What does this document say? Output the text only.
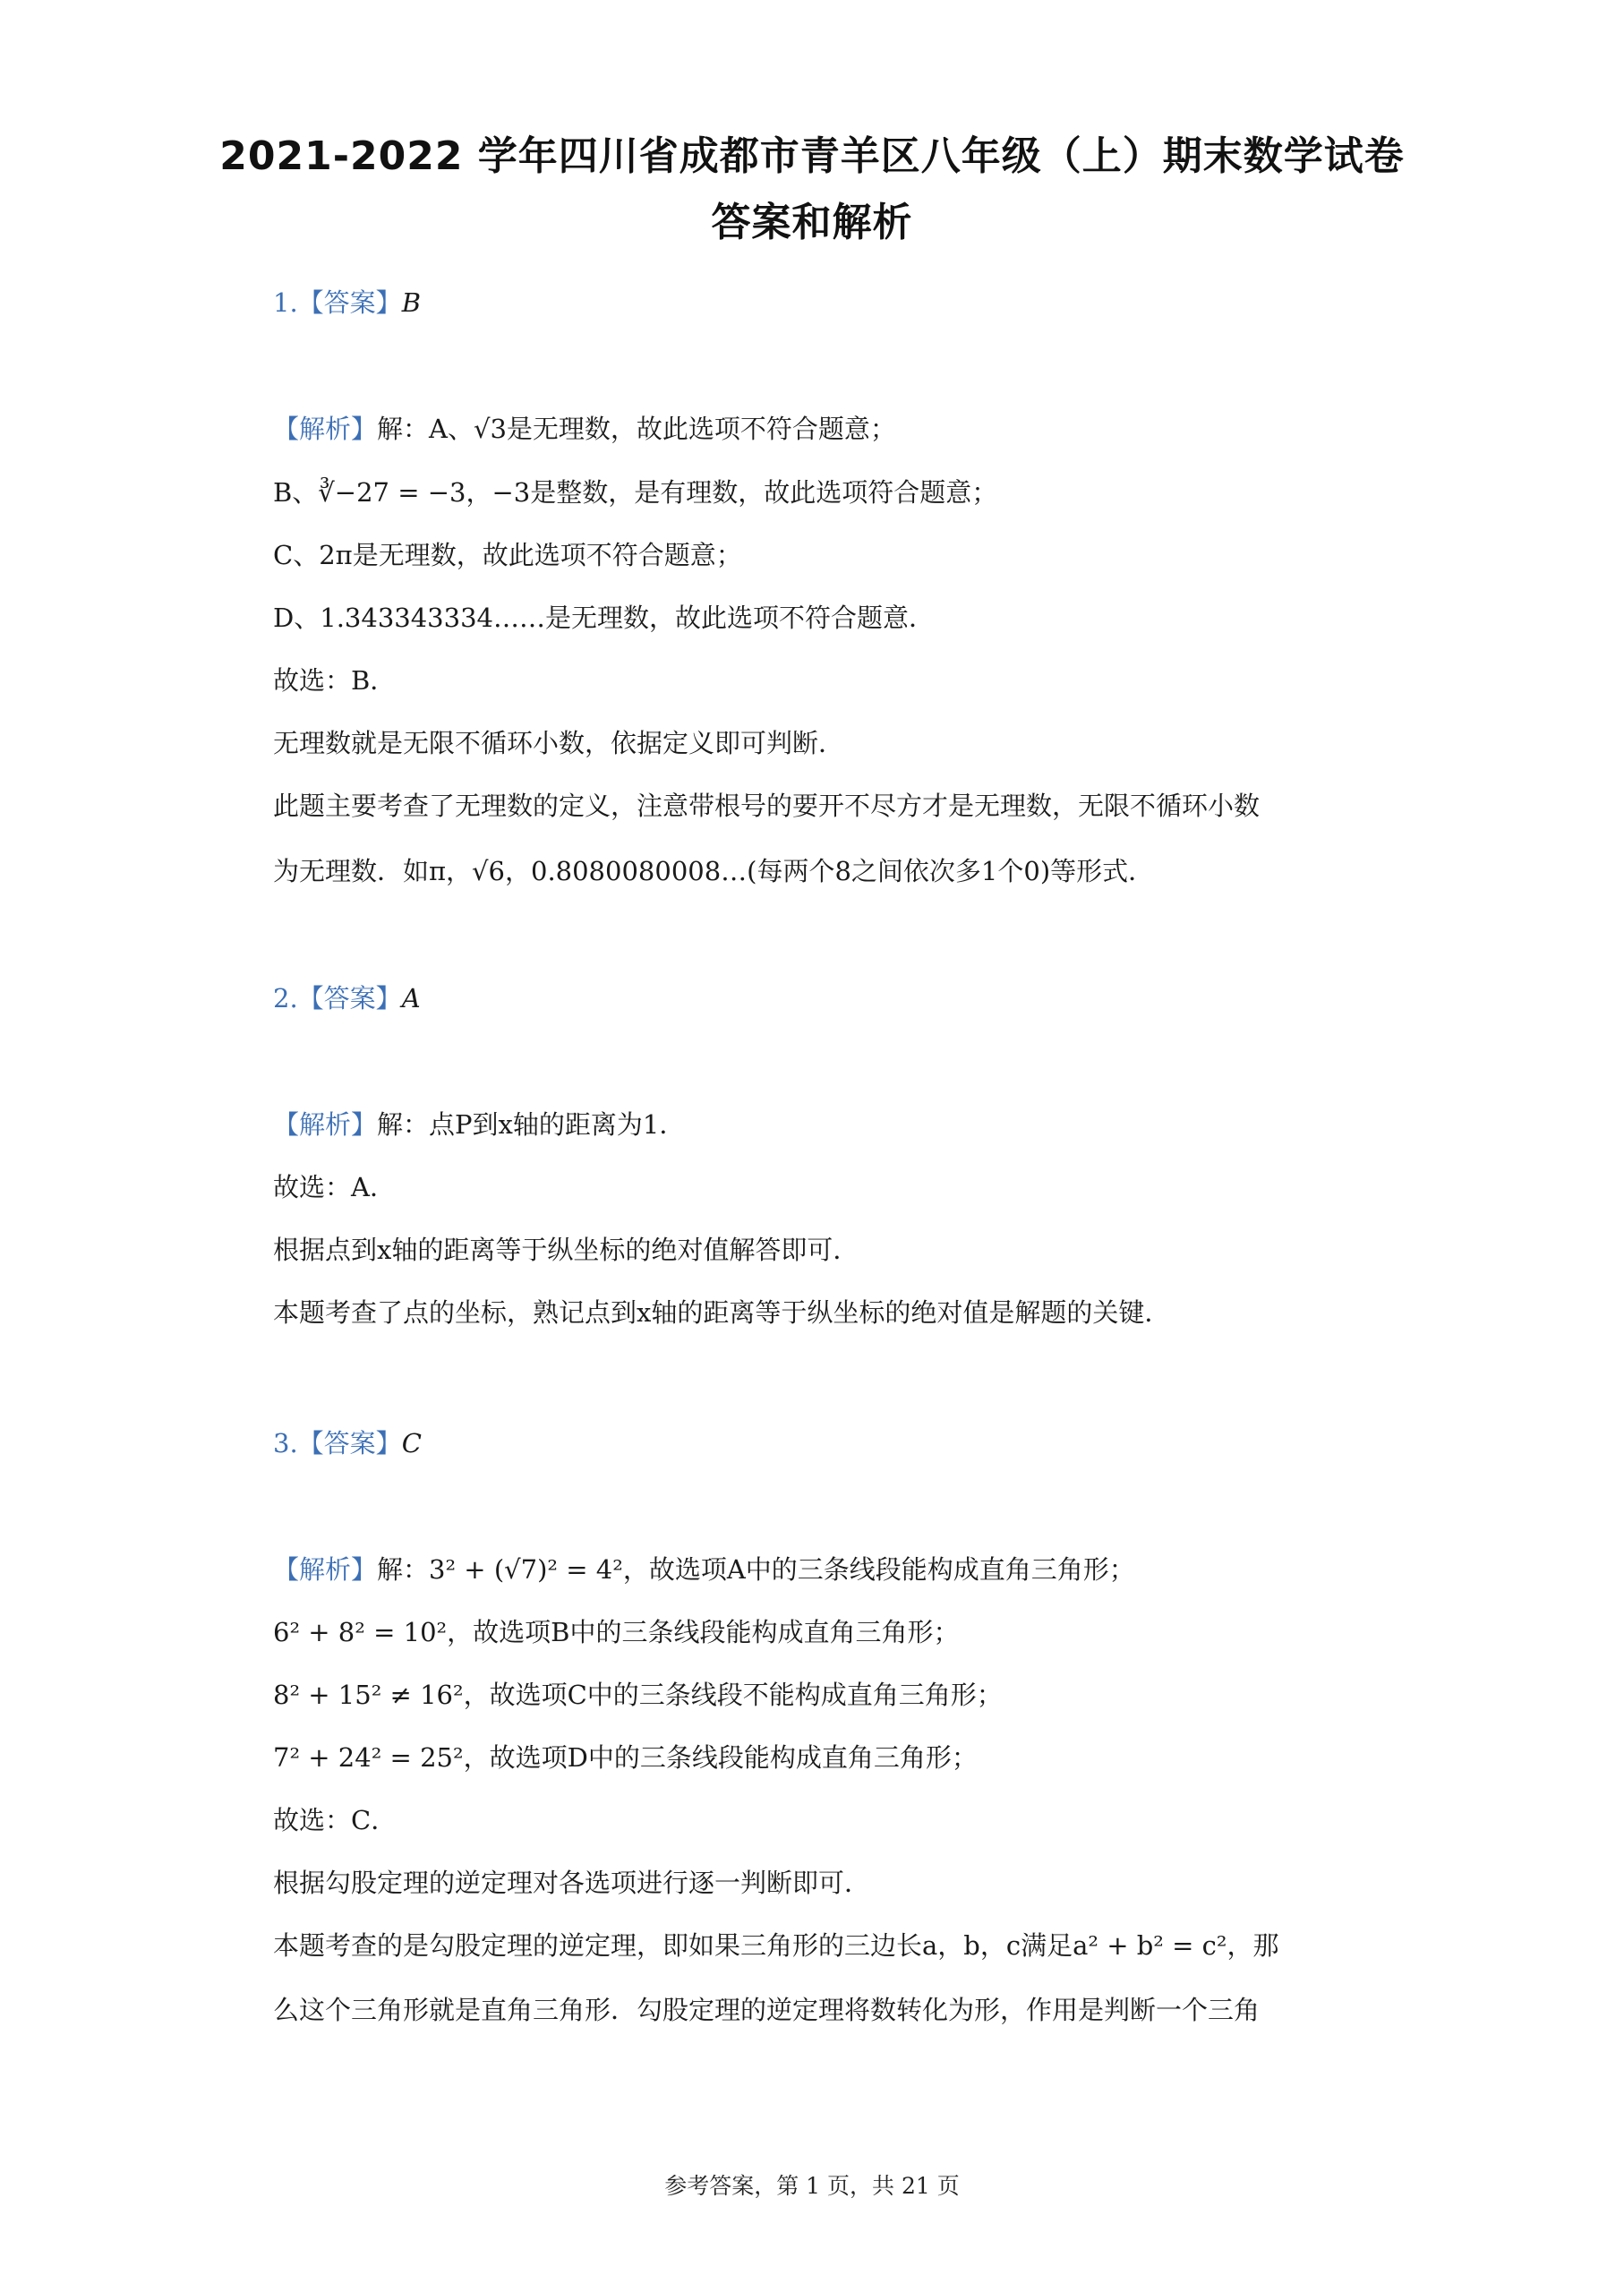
2021-2022 学年四川省成都市青羊区八年级（上）期末数学试卷
答案和解析
1.【答案】B
【解析】解：A、√3是无理数，故此选项不符合题意；
B、∛−27 = −3，−3是整数，是有理数，故此选项符合题意；
C、2π是无理数，故此选项不符合题意；
D、1.343343334……是无理数，故此选项不符合题意．
故选：B．
无理数就是无限不循环小数，依据定义即可判断．
此题主要考查了无理数的定义，注意带根号的要开不尽方才是无理数，无限不循环小数
为无理数．如π，√6，0.8080080008…(每两个8之间依次多1个0)等形式．
2.【答案】A
【解析】解：点P到x轴的距离为1．
故选：A．
根据点到x轴的距离等于纵坐标的绝对值解答即可．
本题考查了点的坐标，熟记点到x轴的距离等于纵坐标的绝对值是解题的关键．
3.【答案】C
【解析】解：3² + (√7)² = 4²，故选项A中的三条线段能构成直角三角形；
6² + 8² = 10²，故选项B中的三条线段能构成直角三角形；
8² + 15² ≠ 16²，故选项C中的三条线段不能构成直角三角形；
7² + 24² = 25²，故选项D中的三条线段能构成直角三角形；
故选：C．
根据勾股定理的逆定理对各选项进行逐一判断即可．
本题考查的是勾股定理的逆定理，即如果三角形的三边长a，b，c满足a² + b² = c²，那
么这个三角形就是直角三角形．勾股定理的逆定理将数转化为形，作用是判断一个三角
参考答案，第 1 页，共 21 页
